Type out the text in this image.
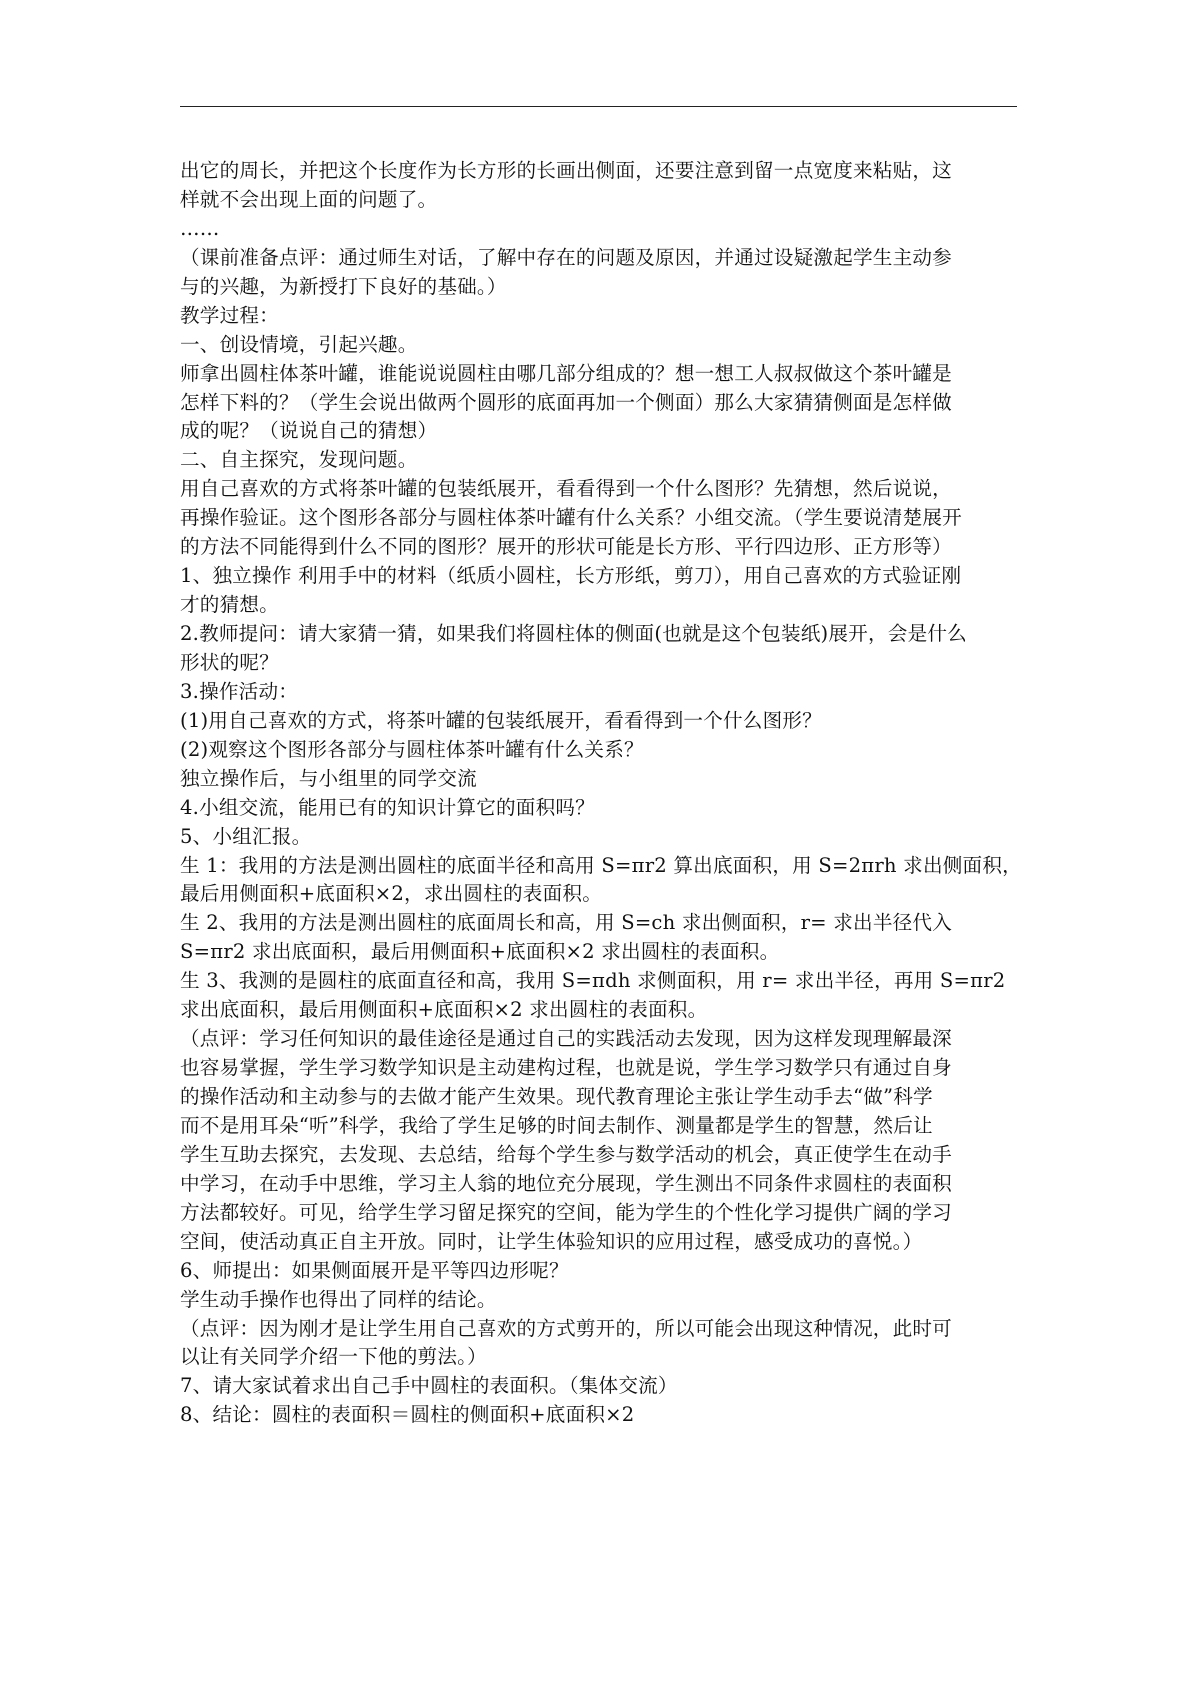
出它的周长，并把这个长度作为长方形的长画出侧面，还要注意到留一点宽度来粘贴，这
样就不会出现上面的问题了。
……
（课前准备点评：通过师生对话，了解中存在的问题及原因，并通过设疑激起学生主动参
与的兴趣，为新授打下良好的基础。）
教学过程：
一、创设情境，引起兴趣。
师拿出圆柱体茶叶罐，谁能说说圆柱由哪几部分组成的？想一想工人叔叔做这个茶叶罐是
怎样下料的？（学生会说出做两个圆形的底面再加一个侧面）那么大家猜猜侧面是怎样做
成的呢？（说说自己的猜想）
二、自主探究，发现问题。
用自己喜欢的方式将茶叶罐的包装纸展开，看看得到一个什么图形？先猜想，然后说说，
再操作验证。这个图形各部分与圆柱体茶叶罐有什么关系？小组交流。（学生要说清楚展开
的方法不同能得到什么不同的图形？展开的形状可能是长方形、平行四边形、正方形等）
1、独立操作 利用手中的材料（纸质小圆柱，长方形纸，剪刀），用自己喜欢的方式验证刚
才的猜想。
2.教师提问：请大家猜一猜，如果我们将圆柱体的侧面(也就是这个包装纸)展开，会是什么
形状的呢？
3.操作活动：
(1)用自己喜欢的方式，将茶叶罐的包装纸展开，看看得到一个什么图形？
(2)观察这个图形各部分与圆柱体茶叶罐有什么关系？
独立操作后，与小组里的同学交流
4.小组交流，能用已有的知识计算它的面积吗？
5、小组汇报。
生 1：我用的方法是测出圆柱的底面半径和高用 S=πr2 算出底面积，用 S=2πrh 求出侧面积，
最后用侧面积+底面积×2，求出圆柱的表面积。
生 2、我用的方法是测出圆柱的底面周长和高，用 S=ch 求出侧面积，r= 求出半径代入
S=πr2 求出底面积，最后用侧面积+底面积×2 求出圆柱的表面积。
生 3、我测的是圆柱的底面直径和高，我用 S=πdh 求侧面积，用 r= 求出半径，再用 S=πr2
求出底面积，最后用侧面积+底面积×2 求出圆柱的表面积。
（点评：学习任何知识的最佳途径是通过自己的实践活动去发现，因为这样发现理解最深
也容易掌握，学生学习数学知识是主动建构过程，也就是说，学生学习数学只有通过自身
的操作活动和主动参与的去做才能产生效果。现代教育理论主张让学生动手去“做”科学
而不是用耳朵“听”科学，我给了学生足够的时间去制作、测量都是学生的智慧，然后让
学生互助去探究，去发现、去总结，给每个学生参与数学活动的机会，真正使学生在动手
中学习，在动手中思维，学习主人翁的地位充分展现，学生测出不同条件求圆柱的表面积
方法都较好。可见，给学生学习留足探究的空间，能为学生的个性化学习提供广阔的学习
空间，使活动真正自主开放。同时，让学生体验知识的应用过程，感受成功的喜悦。）
6、师提出：如果侧面展开是平等四边形呢？
学生动手操作也得出了同样的结论。
（点评：因为刚才是让学生用自己喜欢的方式剪开的，所以可能会出现这种情况，此时可
以让有关同学介绍一下他的剪法。）
7、请大家试着求出自己手中圆柱的表面积。（集体交流）
8、结论：圆柱的表面积＝圆柱的侧面积+底面积×2
